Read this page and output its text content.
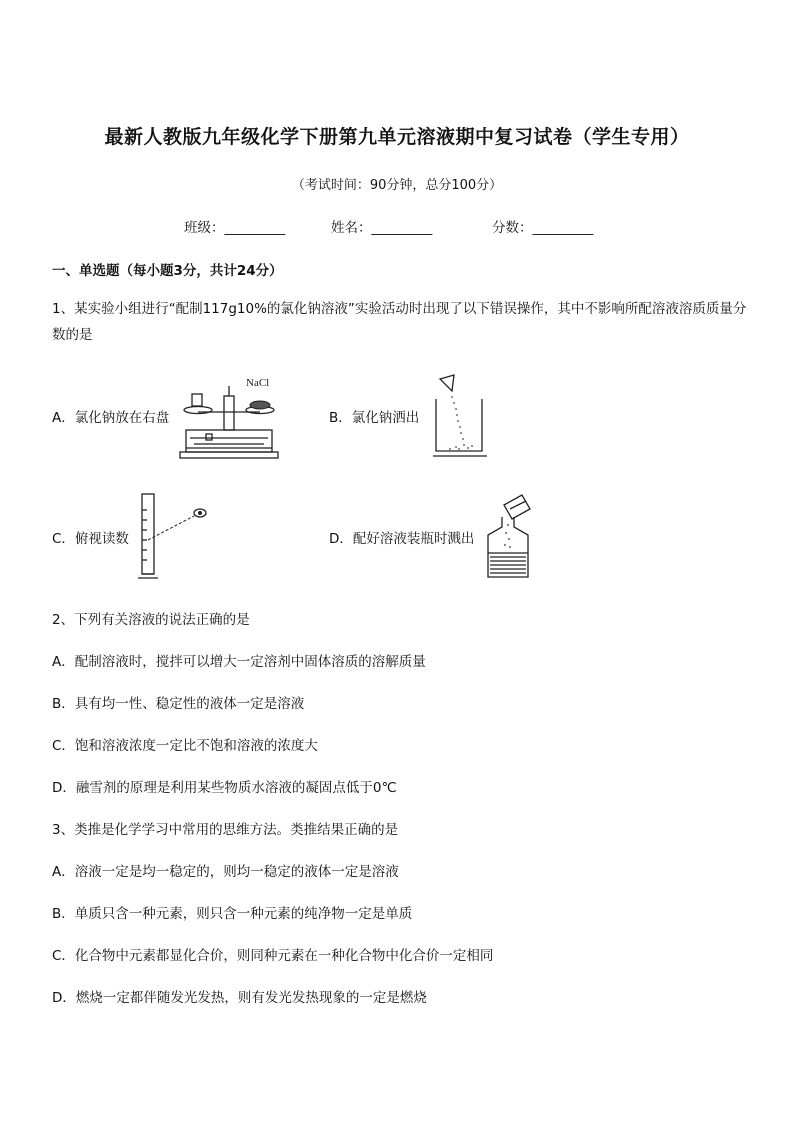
最新人教版九年级化学下册第九单元溶液期中复习试卷（学生专用）
（考试时间：90分钟，总分100分）
班级：_________	姓名：_________	分数：_________
一、单选题（每小题3分，共计24分）
1、某实验小组进行“配制117g10%的氯化钠溶液”实验活动时出现了以下错误操作，其中不影响所配溶液溶质质量分数的是
A．氯化钠放在右盘	B．氯化钠洒出
C．俯视读数	D．配好溶液装瓶时溅出
NaCl
2、下列有关溶液的说法正确的是
A．配制溶液时，搅拌可以增大一定溶剂中固体溶质的溶解质量
B．具有均一性、稳定性的液体一定是溶液
C．饱和溶液浓度一定比不饱和溶液的浓度大
D．融雪剂的原理是利用某些物质水溶液的凝固点低于0℃
3、类推是化学学习中常用的思维方法。类推结果正确的是
A．溶液一定是均一稳定的，则均一稳定的液体一定是溶液
B．单质只含一种元素，则只含一种元素的纯净物一定是单质
C．化合物中元素都显化合价，则同种元素在一种化合物中化合价一定相同
D．燃烧一定都伴随发光发热，则有发光发热现象的一定是燃烧
